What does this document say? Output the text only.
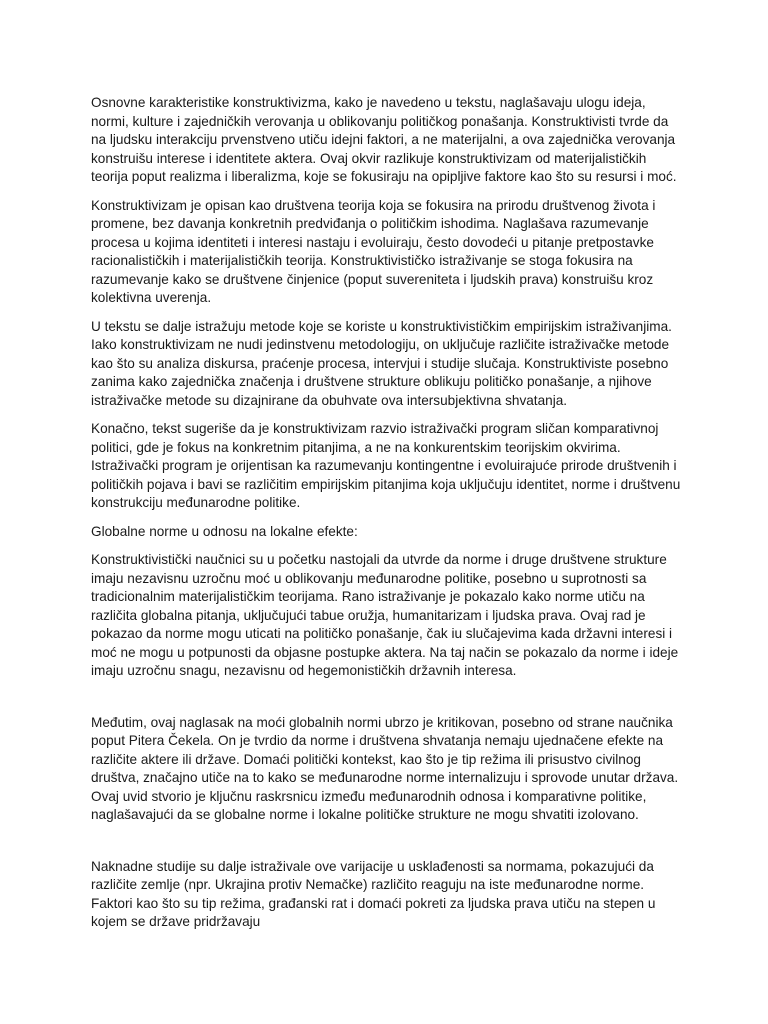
Osnovne karakteristike konstruktivizma, kako je navedeno u tekstu, naglašavaju ulogu ideja, normi, kulture i zajedničkih verovanja u oblikovanju političkog ponašanja. Konstruktivisti tvrde da na ljudsku interakciju prvenstveno utiču idejni faktori, a ne materijalni, a ova zajednička verovanja konstruišu interese i identitete aktera. Ovaj okvir razlikuje konstruktivizam od materijalističkih teorija poput realizma i liberalizma, koje se fokusiraju na opipljive faktore kao što su resursi i moć.

Konstruktivizam je opisan kao društvena teorija koja se fokusira na prirodu društvenog života i promene, bez davanja konkretnih predviđanja o političkim ishodima. Naglašava razumevanje procesa u kojima identiteti i interesi nastaju i evoluiraju, često dovodeći u pitanje pretpostavke racionalističkih i materijalističkih teorija. Konstruktivističko istraživanje se stoga fokusira na razumevanje kako se društvene činjenice (poput suvereniteta i ljudskih prava) konstruišu kroz kolektivna uverenja.

U tekstu se dalje istražuju metode koje se koriste u konstruktivističkim empirijskim istraživanjima. Iako konstruktivizam ne nudi jedinstvenu metodologiju, on uključuje različite istraživačke metode kao što su analiza diskursa, praćenje procesa, intervjui i studije slučaja. Konstruktiviste posebno zanima kako zajednička značenja i društvene strukture oblikuju političko ponašanje, a njihove istraživačke metode su dizajnirane da obuhvate ova intersubjektivna shvatanja.

Konačno, tekst sugeriše da je konstruktivizam razvio istraživački program sličan komparativnoj politici, gde je fokus na konkretnim pitanjima, a ne na konkurentskim teorijskim okvirima. Istraživački program je orijentisan ka razumevanju kontingentne i evoluirajuće prirode društvenih i političkih pojava i bavi se različitim empirijskim pitanjima koja uključuju identitet, norme i društvenu konstrukciju međunarodne politike.

Globalne norme u odnosu na lokalne efekte:

Konstruktivistički naučnici su u početku nastojali da utvrde da norme i druge društvene strukture imaju nezavisnu uzročnu moć u oblikovanju međunarodne politike, posebno u suprotnosti sa tradicionalnim materijalističkim teorijama. Rano istraživanje je pokazalo kako norme utiču na različita globalna pitanja, uključujući tabue oružja, humanitarizam i ljudska prava. Ovaj rad je pokazao da norme mogu uticati na političko ponašanje, čak iu slučajevima kada državni interesi i moć ne mogu u potpunosti da objasne postupke aktera. Na taj način se pokazalo da norme i ideje imaju uzročnu snagu, nezavisnu od hegemonističkih državnih interesa.

Međutim, ovaj naglasak na moći globalnih normi ubrzo je kritikovan, posebno od strane naučnika poput Pitera Čekela. On je tvrdio da norme i društvena shvatanja nemaju ujednačene efekte na različite aktere ili države. Domaći politički kontekst, kao što je tip režima ili prisustvo civilnog društva, značajno utiče na to kako se međunarodne norme internalizuju i sprovode unutar država. Ovaj uvid stvorio je ključnu raskrsnicu između međunarodnih odnosa i komparativne politike, naglašavajući da se globalne norme i lokalne političke strukture ne mogu shvatiti izolovano.

Naknadne studije su dalje istraživale ove varijacije u usklađenosti sa normama, pokazujući da različite zemlje (npr. Ukrajina protiv Nemačke) različito reaguju na iste međunarodne norme. Faktori kao što su tip režima, građanski rat i domaći pokreti za ljudska prava utiču na stepen u kojem se države pridržavaju
